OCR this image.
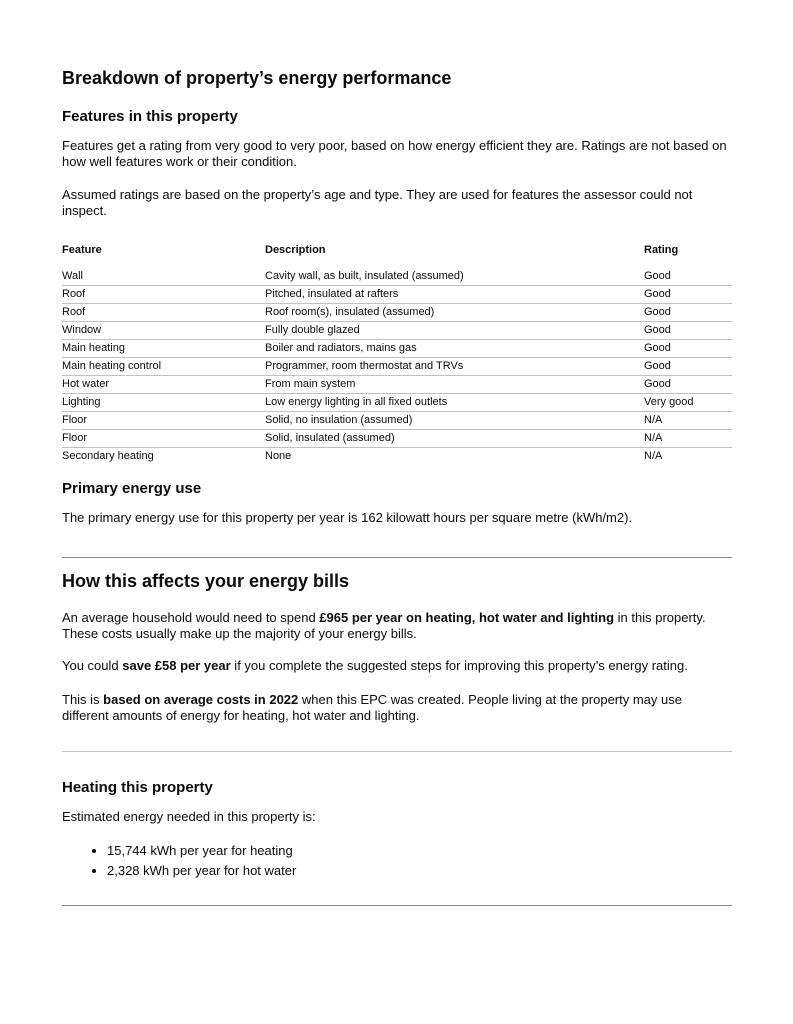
Breakdown of property’s energy performance
Features in this property

Features get a rating from very good to very poor, based on how energy efficient they are. Ratings are not based on how well features work or their condition.

Assumed ratings are based on the property’s age and type. They are used for features the assessor could not inspect.

Feature	Description	Rating
Wall	Cavity wall, as built, insulated (assumed)	Good
Roof	Pitched, insulated at rafters	Good
Roof	Roof room(s), insulated (assumed)	Good
Window	Fully double glazed	Good
Main heating	Boiler and radiators, mains gas	Good
Main heating control	Programmer, room thermostat and TRVs	Good
Hot water	From main system	Good
Lighting	Low energy lighting in all fixed outlets	Very good
Floor	Solid, no insulation (assumed)	N/A
Floor	Solid, insulated (assumed)	N/A
Secondary heating	None	N/A
Primary energy use

The primary energy use for this property per year is 162 kilowatt hours per square metre (kWh/m2).

How this affects your energy bills

An average household would need to spend £965 per year on heating, hot water and lighting in this property. These costs usually make up the majority of your energy bills.

You could save £58 per year if you complete the suggested steps for improving this property’s energy rating.

This is based on average costs in 2022 when this EPC was created. People living at the property may use different amounts of energy for heating, hot water and lighting.

Heating this property

Estimated energy needed in this property is:

• 15,744 kWh per year for heating
• 2,328 kWh per year for hot water
